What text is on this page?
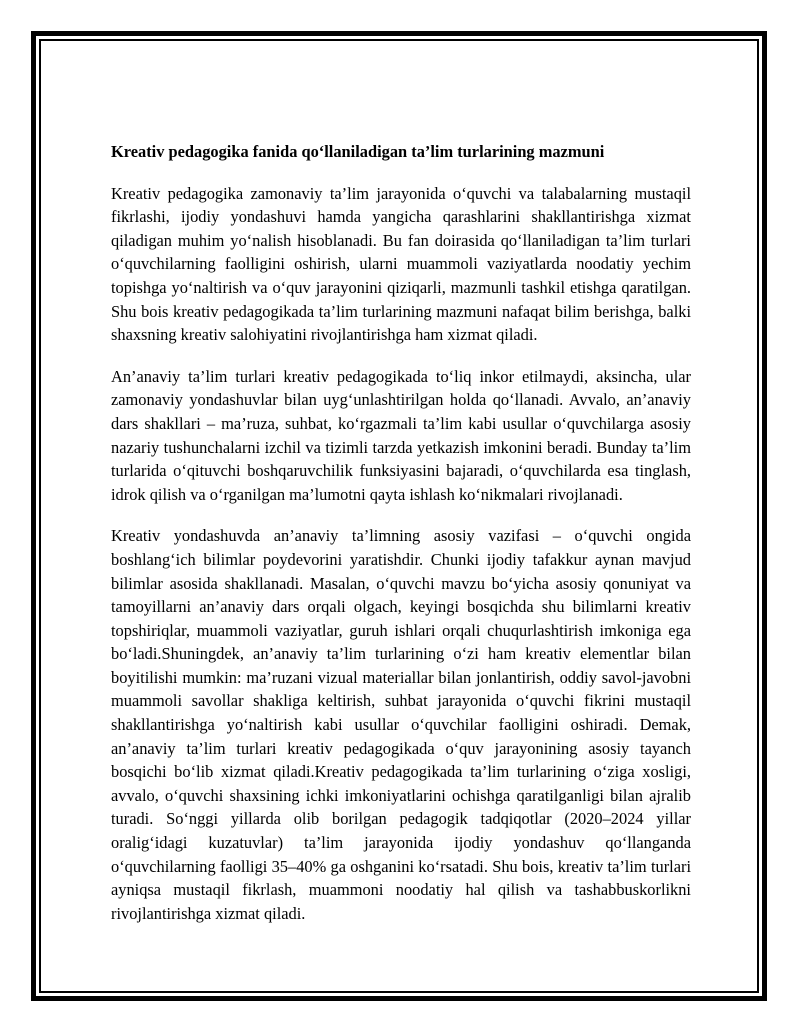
Kreativ pedagogika fanida qo‘llaniladigan ta’lim turlarining mazmuni

Kreativ pedagogika zamonaviy ta’lim jarayonida o‘quvchi va talabalarning mustaqil fikrlashi, ijodiy yondashuvi hamda yangicha qarashlarini shakllantirishga xizmat qiladigan muhim yo‘nalish hisoblanadi. Bu fan doirasida qo‘llaniladigan ta’lim turlari o‘quvchilarning faolligini oshirish, ularni muammoli vaziyatlarda noodatiy yechim topishga yo‘naltirish va o‘quv jarayonini qiziqarli, mazmunli tashkil etishga qaratilgan. Shu bois kreativ pedagogikada ta’lim turlarining mazmuni nafaqat bilim berishga, balki shaxsning kreativ salohiyatini rivojlantirishga ham xizmat qiladi.

An’anaviy ta’lim turlari kreativ pedagogikada to‘liq inkor etilmaydi, aksincha, ular zamonaviy yondashuvlar bilan uyg‘unlashtirilgan holda qo‘llanadi. Avvalo, an’anaviy dars shakllari – ma’ruza, suhbat, ko‘rgazmali ta’lim kabi usullar o‘quvchilarga asosiy nazariy tushunchalarni izchil va tizimli tarzda yetkazish imkonini beradi. Bunday ta’lim turlarida o‘qituvchi boshqaruvchilik funksiyasini bajaradi, o‘quvchilarda esa tinglash, idrok qilish va o‘rganilgan ma’lumotni qayta ishlash ko‘nikmalari rivojlanadi.

Kreativ yondashuvda an’anaviy ta’limning asosiy vazifasi – o‘quvchi ongida boshlang‘ich bilimlar poydevorini yaratishdir. Chunki ijodiy tafakkur aynan mavjud bilimlar asosida shakllanadi. Masalan, o‘quvchi mavzu bo‘yicha asosiy qonuniyat va tamoyillarni an’anaviy dars orqali olgach, keyingi bosqichda shu bilimlarni kreativ topshiriqlar, muammoli vaziyatlar, guruh ishlari orqali chuqurlashtirish imkoniga ega bo‘ladi.Shuningdek, an’anaviy ta’lim turlarining o‘zi ham kreativ elementlar bilan boyitilishi mumkin: ma’ruzani vizual materiallar bilan jonlantirish, oddiy savol-javobni muammoli savollar shakliga keltirish, suhbat jarayonida o‘quvchi fikrini mustaqil shakllantirishga yo‘naltirish kabi usullar o‘quvchilar faolligini oshiradi. Demak, an’anaviy ta’lim turlari kreativ pedagogikada o‘quv jarayonining asosiy tayanch bosqichi bo‘lib xizmat qiladi.Kreativ pedagogikada ta’lim turlarining o‘ziga xosligi, avvalo, o‘quvchi shaxsining ichki imkoniyatlarini ochishga qaratilganligi bilan ajralib turadi. So‘nggi yillarda olib borilgan pedagogik tadqiqotlar (2020–2024 yillar oralig‘idagi kuzatuvlar) ta’lim jarayonida ijodiy yondashuv qo‘llanganda o‘quvchilarning faolligi 35–40% ga oshganini ko‘rsatadi. Shu bois, kreativ ta’lim turlari ayniqsa mustaqil fikrlash, muammoni noodatiy hal qilish va tashabbuskorlikni rivojlantirishga xizmat qiladi.
